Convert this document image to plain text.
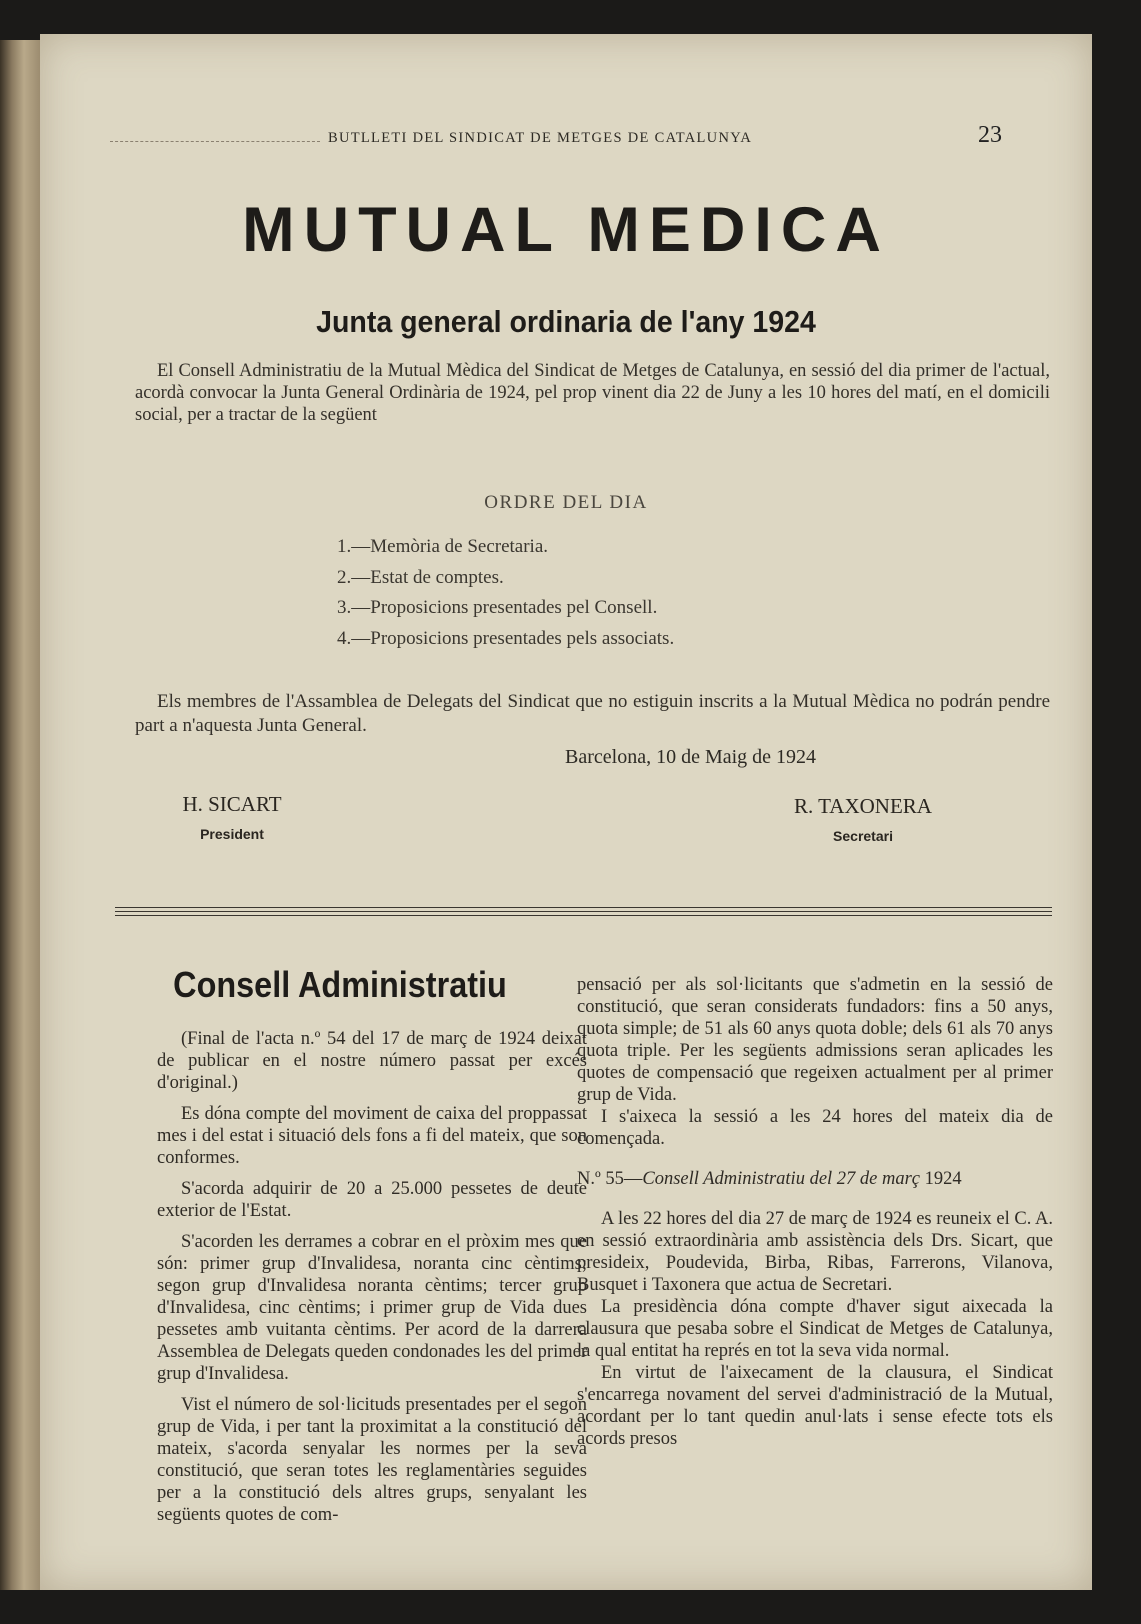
BUTLLETI DEL SINDICAT DE METGES DE CATALUNYA	23
MUTUAL MEDICA
Junta general ordinaria de l'any 1924
El Consell Administratiu de la Mutual Mèdica del Sindicat de Metges de Catalunya, en sessió del dia primer de l'actual, acordà convocar la Junta General Ordinària de 1924, pel prop vinent dia 22 de Juny a les 10 hores del matí, en el domicili social, per a tractar de la següent
ORDRE DEL DIA
1.—Memòria de Secretaria.
2.—Estat de comptes.
3.—Proposicions presentades pel Consell.
4.—Proposicions presentades pels associats.
Els membres de l'Assamblea de Delegats del Sindicat que no estiguin inscrits a la Mutual Mèdica no podrán pendre part a n'aquesta Junta General.
Barcelona, 10 de Maig de 1924
H. SICART
President
R. TAXONERA
Secretari
Consell Administratiu

(Final de l'acta n.º 54 del 17 de març de 1924 deixat de publicar en el nostre número passat per excés d'original.)

Es dóna compte del moviment de caixa del proppassat mes i del estat i situació dels fons a fi del mateix, que son conformes.

S'acorda adquirir de 20 a 25.000 pessetes de deute exterior de l'Estat.

S'acorden les derrames a cobrar en el pròxim mes que són: primer grup d'Invalidesa, noranta cinc cèntims; segon grup d'Invalidesa noranta cèntims; tercer grup d'Invalidesa, cinc cèntims; i primer grup de Vida dues pessetes amb vuitanta cèntims. Per acord de la darrera Assemblea de Delegats queden condonades les del primer grup d'Invalidesa.

Vist el número de sol·licituds presentades per el segon grup de Vida, i per tant la proximitat a la constitució del mateix, s'acorda senyalar les normes per la seva constitució, que seran totes les reglamentàries seguides per a la constitució dels altres grups, senyalant les següents quotes de com-

pensació per als sol·licitants que s'admetin en la sessió de constitució, que seran considerats fundadors: fins a 50 anys, quota simple; de 51 als 60 anys quota doble; dels 61 als 70 anys quota triple. Per les següents admissions seran aplicades les quotes de compensació que regeixen actualment per al primer grup de Vida.

I s'aixeca la sessió a les 24 hores del mateix dia de començada.

N.º 55—Consell Administratiu del 27 de març 1924

A les 22 hores del dia 27 de març de 1924 es reuneix el C. A. en sessió extraordinària amb assistència dels Drs. Sicart, que presideix, Poudevida, Birba, Ribas, Farrerons, Vilanova, Busquet i Taxonera que actua de Secretari.

La presidència dóna compte d'haver sigut aixecada la clausura que pesaba sobre el Sindicat de Metges de Catalunya, la qual entitat ha représ en tot la seva vida normal.

En virtut de l'aixecament de la clausura, el Sindicat s'encarrega novament del servei d'administració de la Mutual, acordant per lo tant quedin anul·lats i sense efecte tots els acords presos
